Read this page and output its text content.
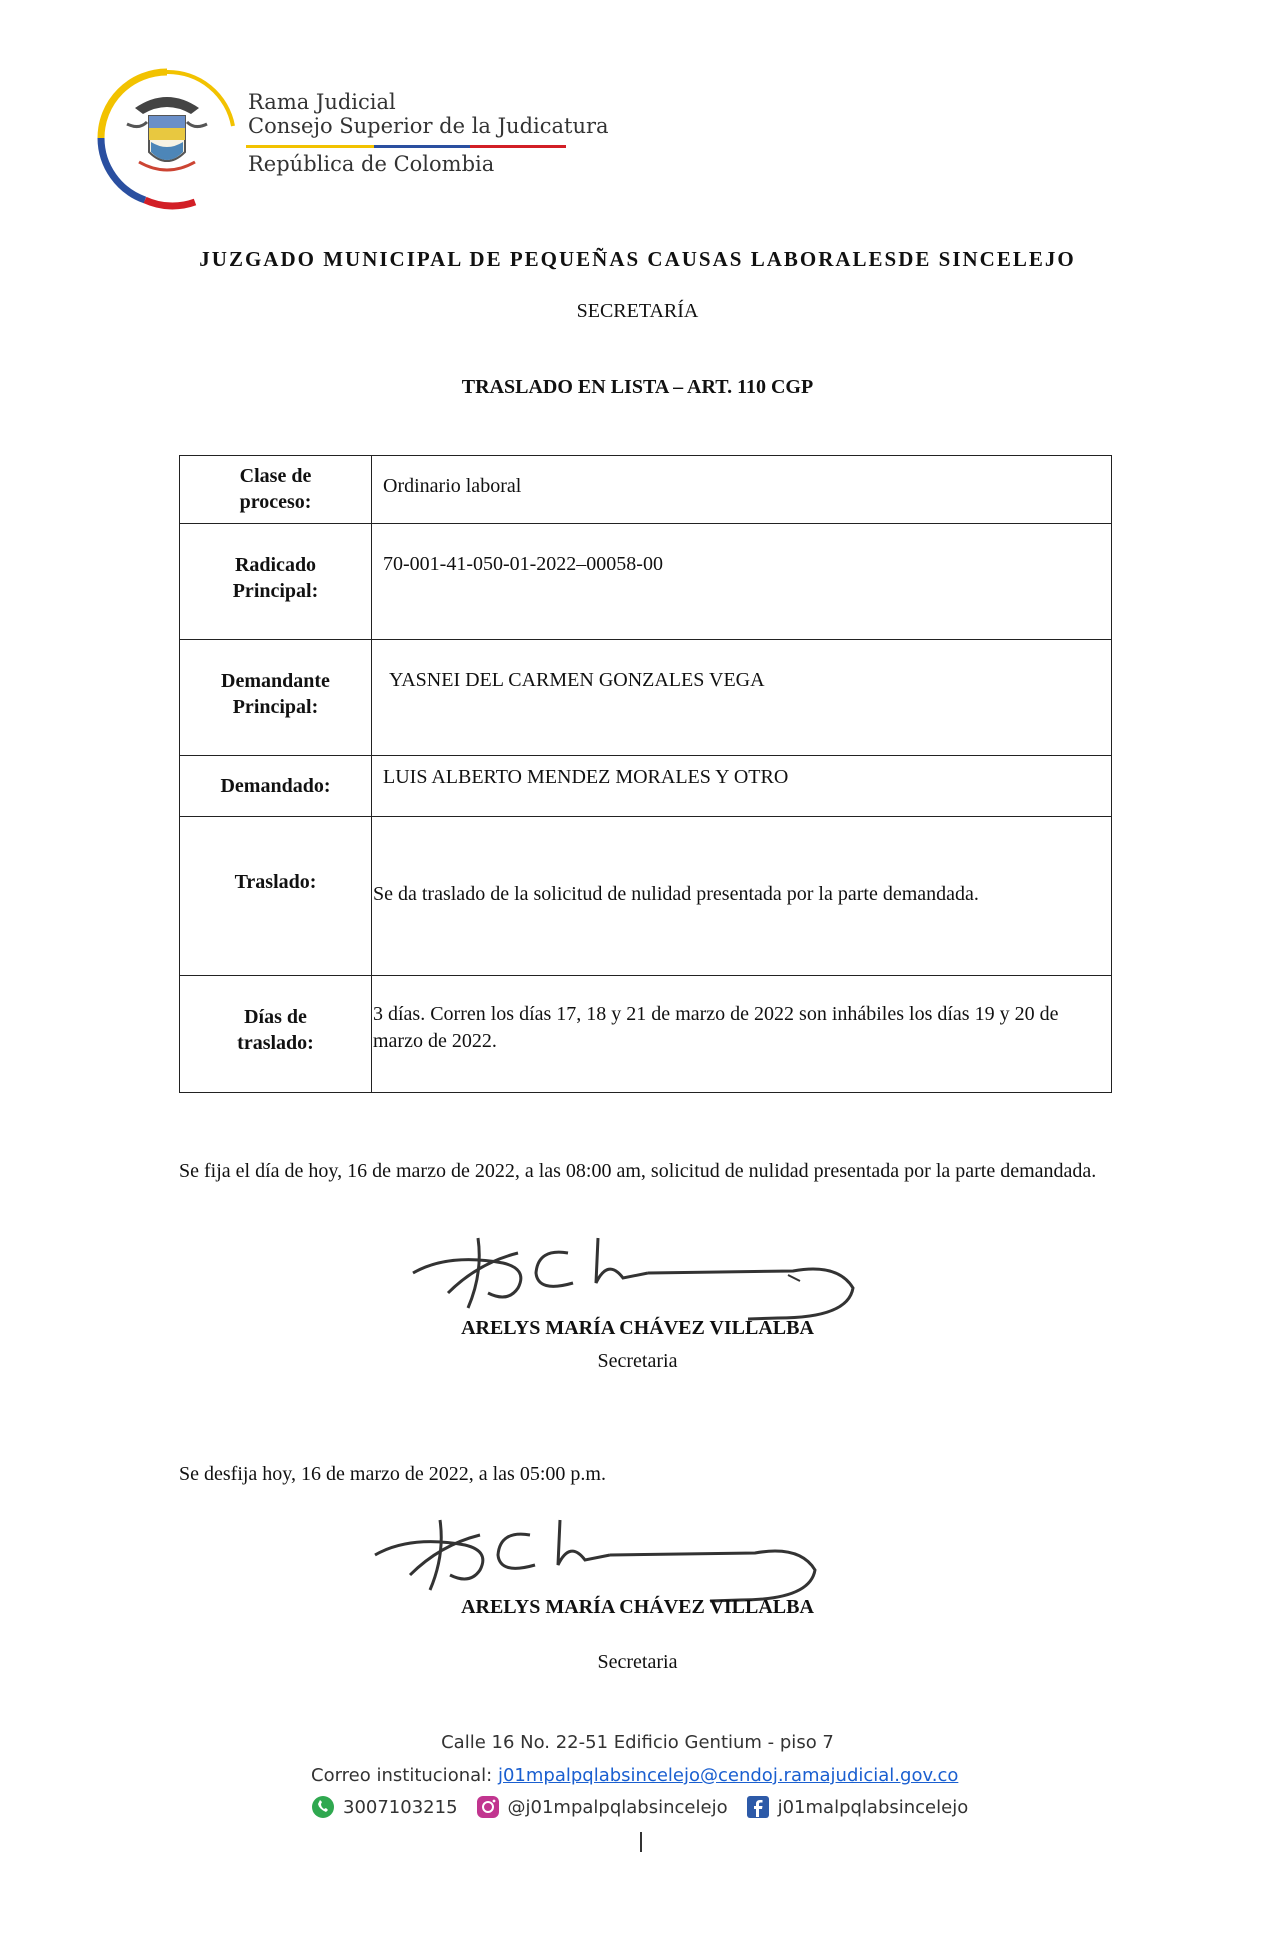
Rama Judicial
Consejo Superior de la Judicatura
República de Colombia
JUZGADO MUNICIPAL DE PEQUEÑAS CAUSAS LABORALESDE SINCELEJO
SECRETARÍA
TRASLADO EN LISTA – ART. 110 CGP
Clase de
proceso:	Ordinario laboral

Radicado
Principal:	70-001-41-050-01-2022–00058-00

Demandante
Principal:	YASNEI DEL CARMEN GONZALES VEGA

Demandado:	LUIS ALBERTO MENDEZ MORALES Y OTRO

Traslado:	Se da traslado de la solicitud de nulidad presentada por la parte demandada.

Días de
traslado:	3 días. Corren los días 17, 18 y 21 de marzo de 2022 son inhábiles los días 19 y 20 de marzo de 2022.
Se fija el día de hoy, 16 de marzo de 2022, a las 08:00 am, solicitud de nulidad presentada por la parte demandada.
ARELYS MARÍA CHÁVEZ VILLALBA
Secretaria
Se desfija hoy, 16 de marzo de 2022, a las 05:00 p.m.
ARELYS MARÍA CHÁVEZ VILLALBA
Secretaria
Calle 16 No. 22-51 Edificio Gentium - piso 7
Correo institucional: j01mpalpqlabsincelejo@cendoj.ramajudicial.gov.co
3007103215	@j01mpalpqlabsincelejo	j01malpqlabsincelejo
